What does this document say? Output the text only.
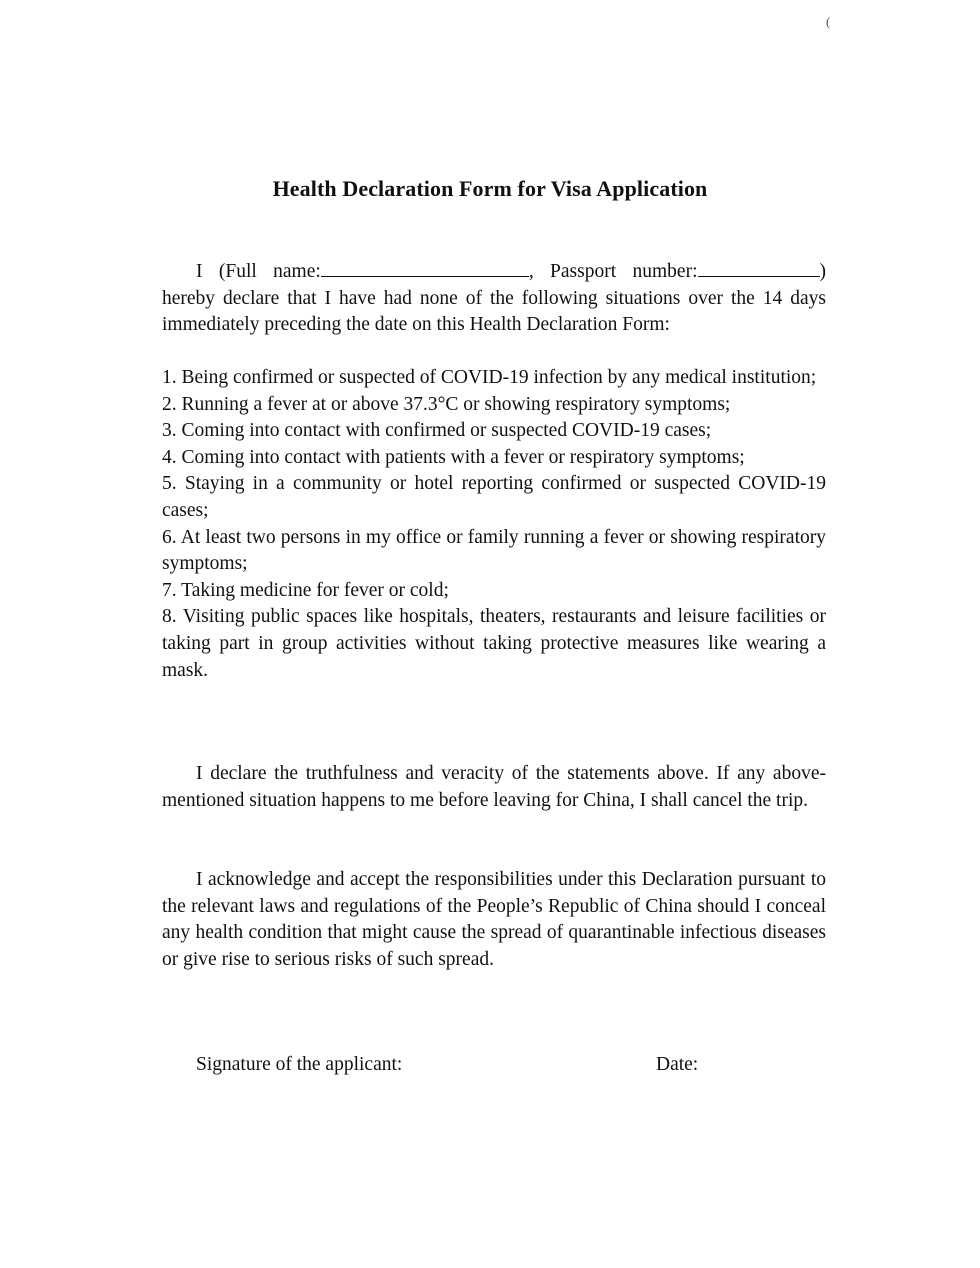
(
Health Declaration Form for Visa Application

I (Full name:	, Passport number:	)
hereby declare that I have had none of the following situations over the 14 days immediately preceding the date on this Health Declaration Form:

1. Being confirmed or suspected of COVID-19 infection by any medical institution;

2. Running a fever at or above 37.3°C or showing respiratory symptoms;

3. Coming into contact with confirmed or suspected COVID-19 cases;

4. Coming into contact with patients with a fever or respiratory symptoms;

5. Staying in a community or hotel reporting confirmed or suspected COVID-19 cases;

6. At least two persons in my office or family running a fever or showing respiratory symptoms;

7. Taking medicine for fever or cold;

8. Visiting public spaces like hospitals, theaters, restaurants and leisure facilities or taking part in group activities without taking protective measures like wearing a mask.

I declare the truthfulness and veracity of the statements above. If any above-mentioned situation happens to me before leaving for China, I shall cancel the trip.

I acknowledge and accept the responsibilities under this Declaration pursuant to the relevant laws and regulations of the People’s Republic of China should I conceal any health condition that might cause the spread of quarantinable infectious diseases or give rise to serious risks of such spread.

Signature of the applicant:	Date:
